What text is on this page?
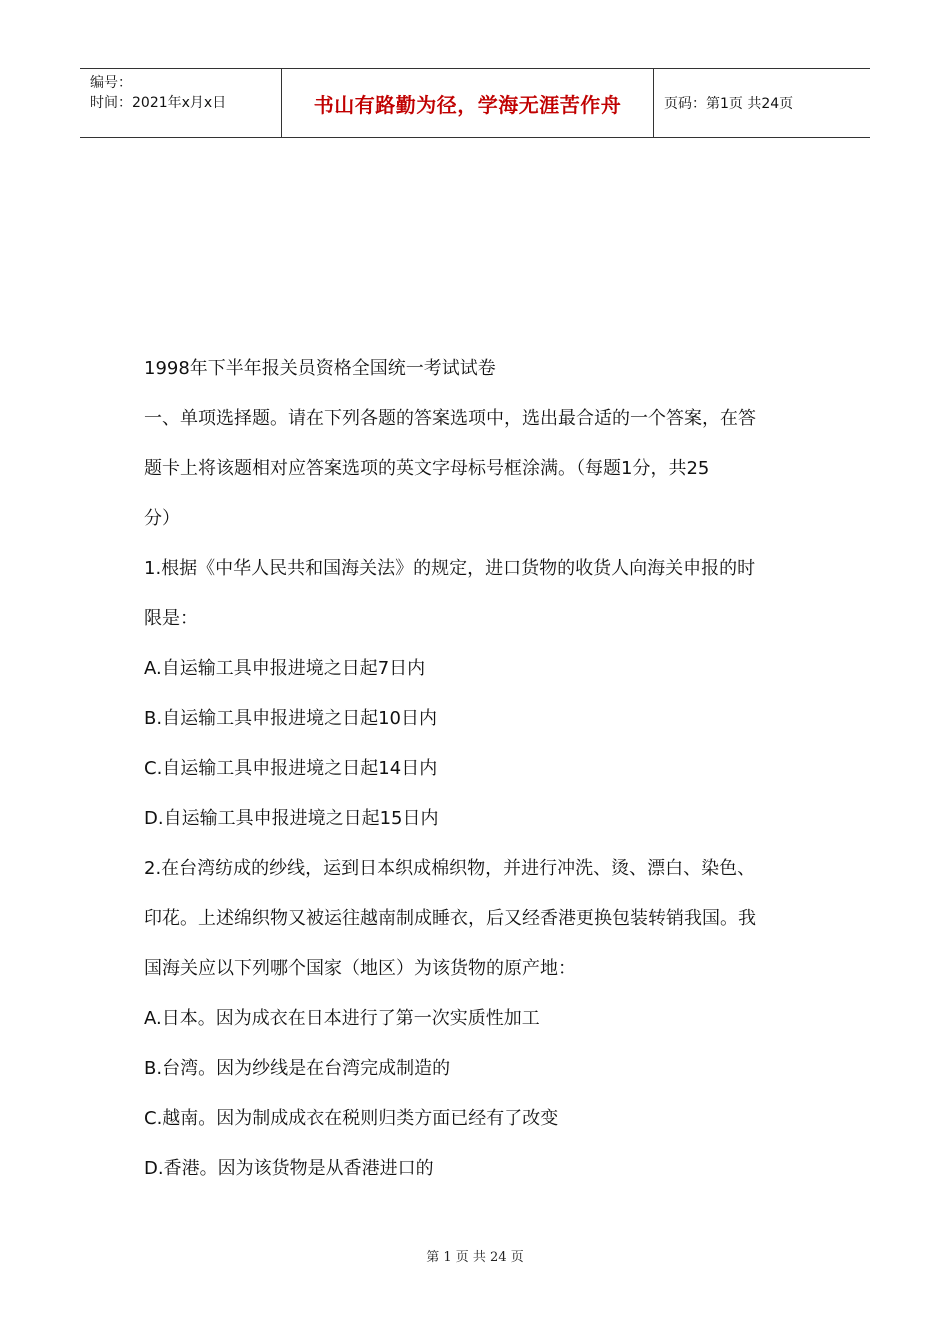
编号：
时间：2021年x月x日	书山有路勤为径，学海无涯苦作舟	页码：第1页 共24页
1998年下半年报关员资格全国统一考试试卷
一、单项选择题。请在下列各题的答案选项中，选出最合适的一个答案，在答
题卡上将该题相对应答案选项的英文字母标号框涂满。（每题1分，共25
分）
1.根据《中华人民共和国海关法》的规定，进口货物的收货人向海关申报的时
限是：
A.自运输工具申报进境之日起7日内
B.自运输工具申报进境之日起10日内
C.自运输工具申报进境之日起14日内
D.自运输工具申报进境之日起15日内
2.在台湾纺成的纱线，运到日本织成棉织物，并进行冲洗、烫、漂白、染色、
印花。上述绵织物又被运往越南制成睡衣，后又经香港更换包装转销我国。我
国海关应以下列哪个国家（地区）为该货物的原产地：
A.日本。因为成衣在日本进行了第一次实质性加工
B.台湾。因为纱线是在台湾完成制造的
C.越南。因为制成成衣在税则归类方面已经有了改变
D.香港。因为该货物是从香港进口的
第 1 页 共 24 页
